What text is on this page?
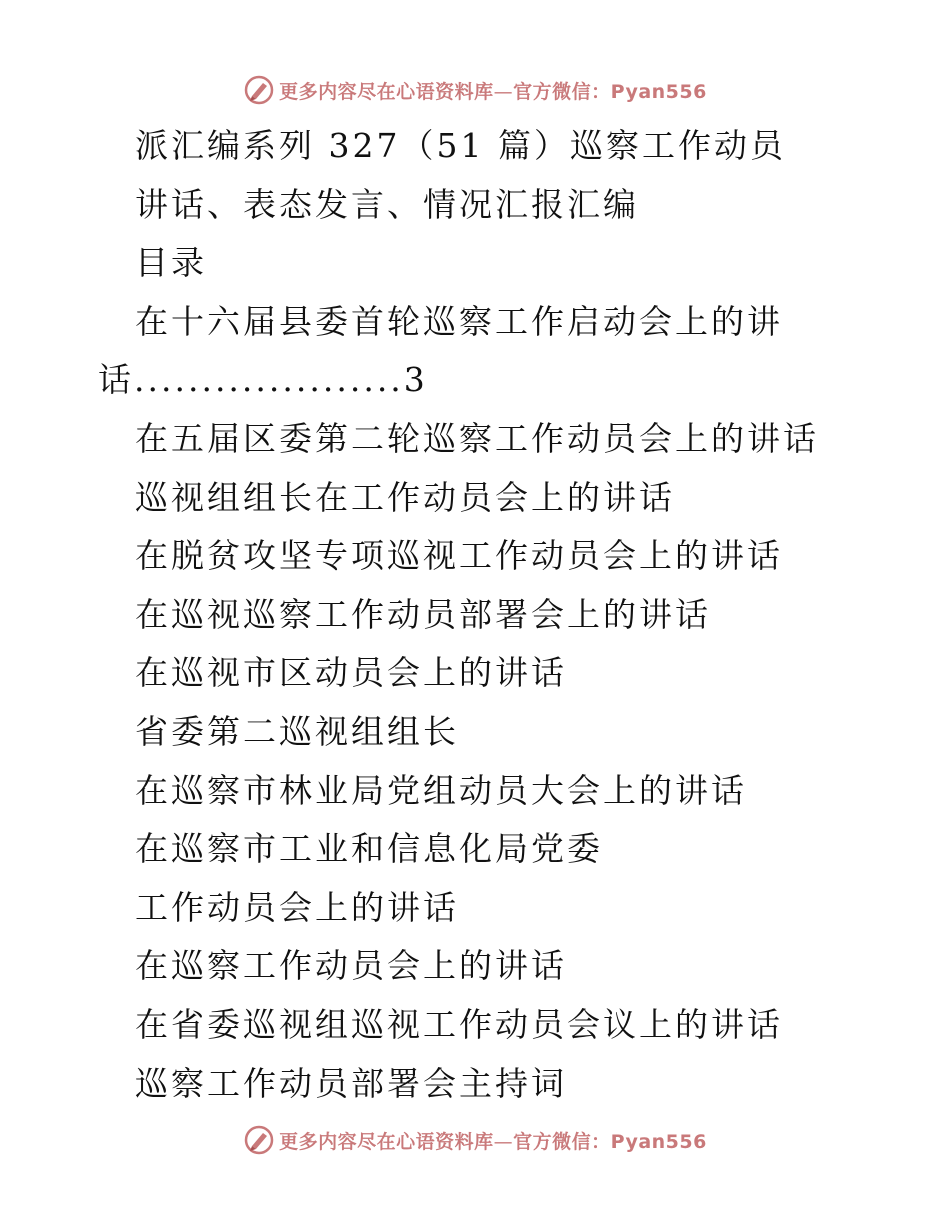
更多内容尽在心语资料库—官方微信：Pyan556
派汇编系列 327（51 篇）巡察工作动员
讲话、表态发言、情况汇报汇编
目录
在十六届县委首轮巡察工作启动会上的讲
话....................3
在五届区委第二轮巡察工作动员会上的讲话
巡视组组长在工作动员会上的讲话
在脱贫攻坚专项巡视工作动员会上的讲话
在巡视巡察工作动员部署会上的讲话
在巡视市区动员会上的讲话
省委第二巡视组组长
在巡察市林业局党组动员大会上的讲话
在巡察市工业和信息化局党委
工作动员会上的讲话
在巡察工作动员会上的讲话
在省委巡视组巡视工作动员会议上的讲话
巡察工作动员部署会主持词
更多内容尽在心语资料库—官方微信：Pyan556
